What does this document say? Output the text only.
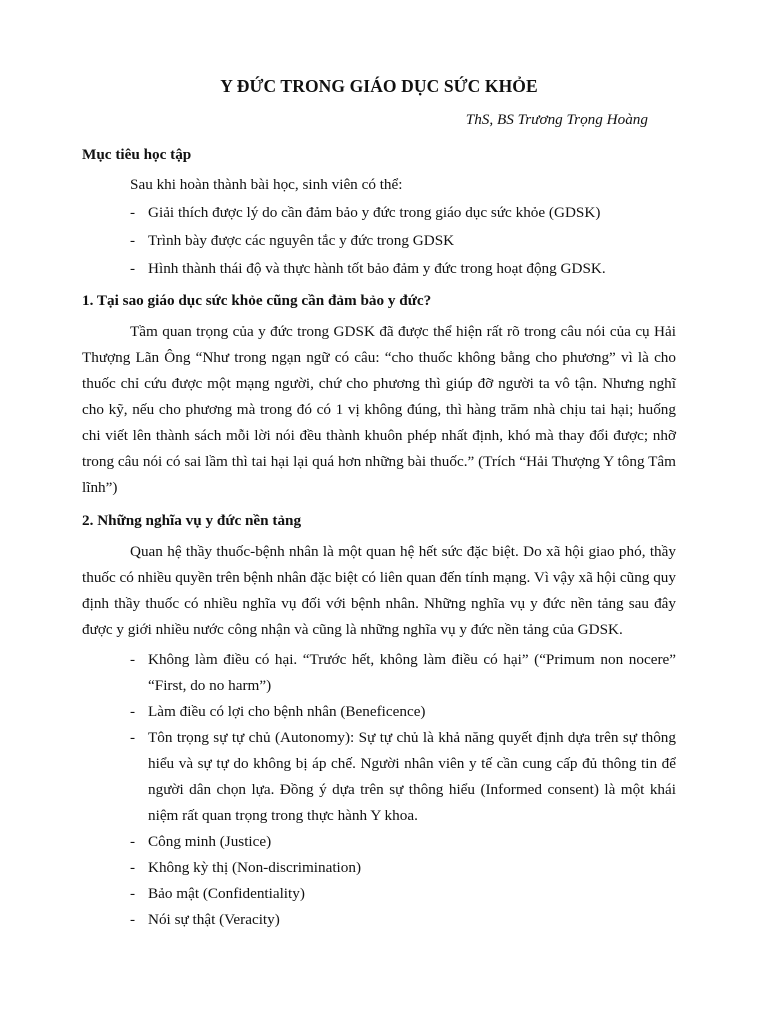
Y ĐỨC TRONG GIÁO DỤC SỨC KHỎE
ThS, BS Trương Trọng Hoàng
Mục tiêu học tập
Sau khi hoàn thành bài học, sinh viên có thể:
- Giải thích được lý do cần đảm bảo y đức trong giáo dục sức khỏe (GDSK)
- Trình bày được các nguyên tắc y đức trong GDSK
- Hình thành thái độ và thực hành tốt bảo đảm y đức trong hoạt động GDSK.
1. Tại sao giáo dục sức khỏe cũng cần đảm bảo y đức?

Tầm quan trọng của y đức trong GDSK đã được thể hiện rất rõ trong câu nói của cụ Hải Thượng Lãn Ông “Như trong ngạn ngữ có câu: “cho thuốc không bằng cho phương” vì là cho thuốc chỉ cứu được một mạng người, chứ cho phương thì giúp đỡ người ta vô tận. Nhưng nghĩ cho kỹ, nếu cho phương mà trong đó có 1 vị không đúng, thì hàng trăm nhà chịu tai hại; huống chi viết lên thành sách mỗi lời nói đều thành khuôn phép nhất định, khó mà thay đổi được; nhỡ trong câu nói có sai lầm thì tai hại lại quá hơn những bài thuốc.” (Trích “Hải Thượng Y tông Tâm lĩnh”)

2. Những nghĩa vụ y đức nền tảng

Quan hệ thầy thuốc-bệnh nhân là một quan hệ hết sức đặc biệt. Do xã hội giao phó, thầy thuốc có nhiều quyền trên bệnh nhân đặc biệt có liên quan đến tính mạng. Vì vậy xã hội cũng quy định thầy thuốc có nhiều nghĩa vụ đối với bệnh nhân. Những nghĩa vụ y đức nền tảng sau đây được y giới nhiều nước công nhận và cũng là những nghĩa vụ y đức nền tảng của GDSK.

- Không làm điều có hại. “Trước hết, không làm điều có hại” (“Primum non nocere” “First, do no harm”)
- Làm điều có lợi cho bệnh nhân (Beneficence)
- Tôn trọng sự tự chủ (Autonomy): Sự tự chủ là khả năng quyết định dựa trên sự thông hiểu và sự tự do không bị áp chế. Người nhân viên y tế cần cung cấp đủ thông tin để người dân chọn lựa. Đồng ý dựa trên sự thông hiểu (Informed consent) là một khái niệm rất quan trọng trong thực hành Y khoa.
- Công minh (Justice)
- Không kỳ thị (Non-discrimination)
- Bảo mật (Confidentiality)
- Nói sự thật (Veracity)
